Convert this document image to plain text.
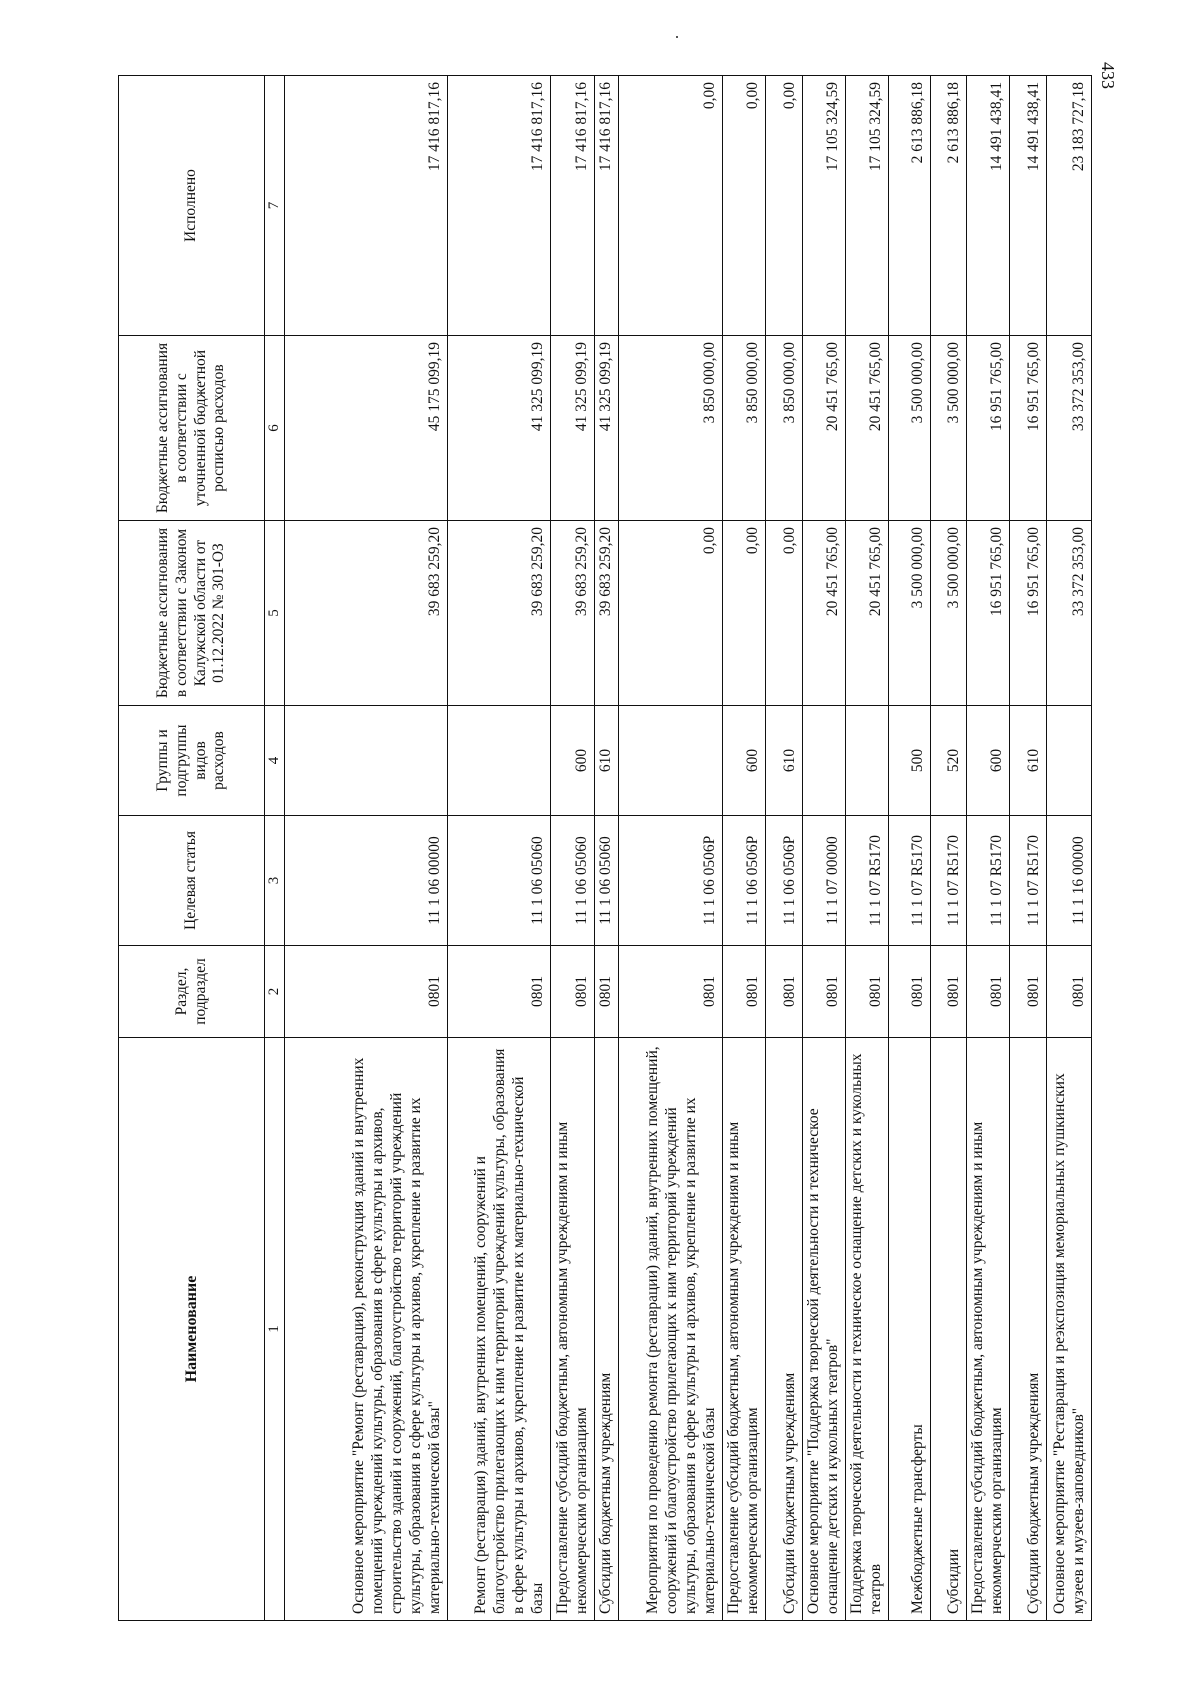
433
Наименование	Раздел, подраздел	Целевая статья	Группы и подгруппы видов расходов	Бюджетные ассигнования в соответствии с Законом Калужской области от 01.12.2022 № 301-ОЗ	Бюджетные ассигнования в соответствии с уточненной бюджетной росписью расходов	Исполнено
1	2	3	4	5	6	7
Основное мероприятие "Ремонт (реставрация), реконструкция зданий и внутренних помещений учреждений культуры, образования в сфере культуры и архивов, строительство зданий и сооружений, благоустройство территорий учреждений культуры, образования в сфере культуры и архивов, укрепление и развитие их материально-технической базы"	0801	11 1 06 00000		39 683 259,20	45 175 099,19	17 416 817,16
Ремонт (реставрация) зданий, внутренних помещений, сооружений и благоустройство прилегающих к ним территорий учреждений культуры, образования в сфере культуры и архивов, укрепление и развитие их материально-технической базы	0801	11 1 06 05060		39 683 259,20	41 325 099,19	17 416 817,16
Предоставление субсидий бюджетным, автономным учреждениям и иным некоммерческим организациям	0801	11 1 06 05060	600	39 683 259,20	41 325 099,19	17 416 817,16
Субсидии бюджетным учреждениям	0801	11 1 06 05060	610	39 683 259,20	41 325 099,19	17 416 817,16
Мероприятия по проведению ремонта (реставрации) зданий, внутренних помещений, сооружений и благоустройство прилегающих к ним территорий учреждений культуры, образования в сфере культуры и архивов, укрепление и развитие их материально-технической базы	0801	11 1 06 0506Р		0,00	3 850 000,00	0,00
Предоставление субсидий бюджетным, автономным учреждениям и иным некоммерческим организациям	0801	11 1 06 0506Р	600	0,00	3 850 000,00	0,00
Субсидии бюджетным учреждениям	0801	11 1 06 0506Р	610	0,00	3 850 000,00	0,00
Основное мероприятие "Поддержка творческой деятельности и техническое оснащение детских и кукольных театров"	0801	11 1 07 00000		20 451 765,00	20 451 765,00	17 105 324,59
Поддержка творческой деятельности и техническое оснащение детских и кукольных театров	0801	11 1 07 R5170		20 451 765,00	20 451 765,00	17 105 324,59
Межбюджетные трансферты	0801	11 1 07 R5170	500	3 500 000,00	3 500 000,00	2 613 886,18
Субсидии	0801	11 1 07 R5170	520	3 500 000,00	3 500 000,00	2 613 886,18
Предоставление субсидий бюджетным, автономным учреждениям и иным некоммерческим организациям	0801	11 1 07 R5170	600	16 951 765,00	16 951 765,00	14 491 438,41
Субсидии бюджетным учреждениям	0801	11 1 07 R5170	610	16 951 765,00	16 951 765,00	14 491 438,41
Основное мероприятие "Реставрация и реэкспозиция мемориальных пушкинских музеев и музеев-заповедников"	0801	11 1 16 00000		33 372 353,00	33 372 353,00	23 183 727,18
